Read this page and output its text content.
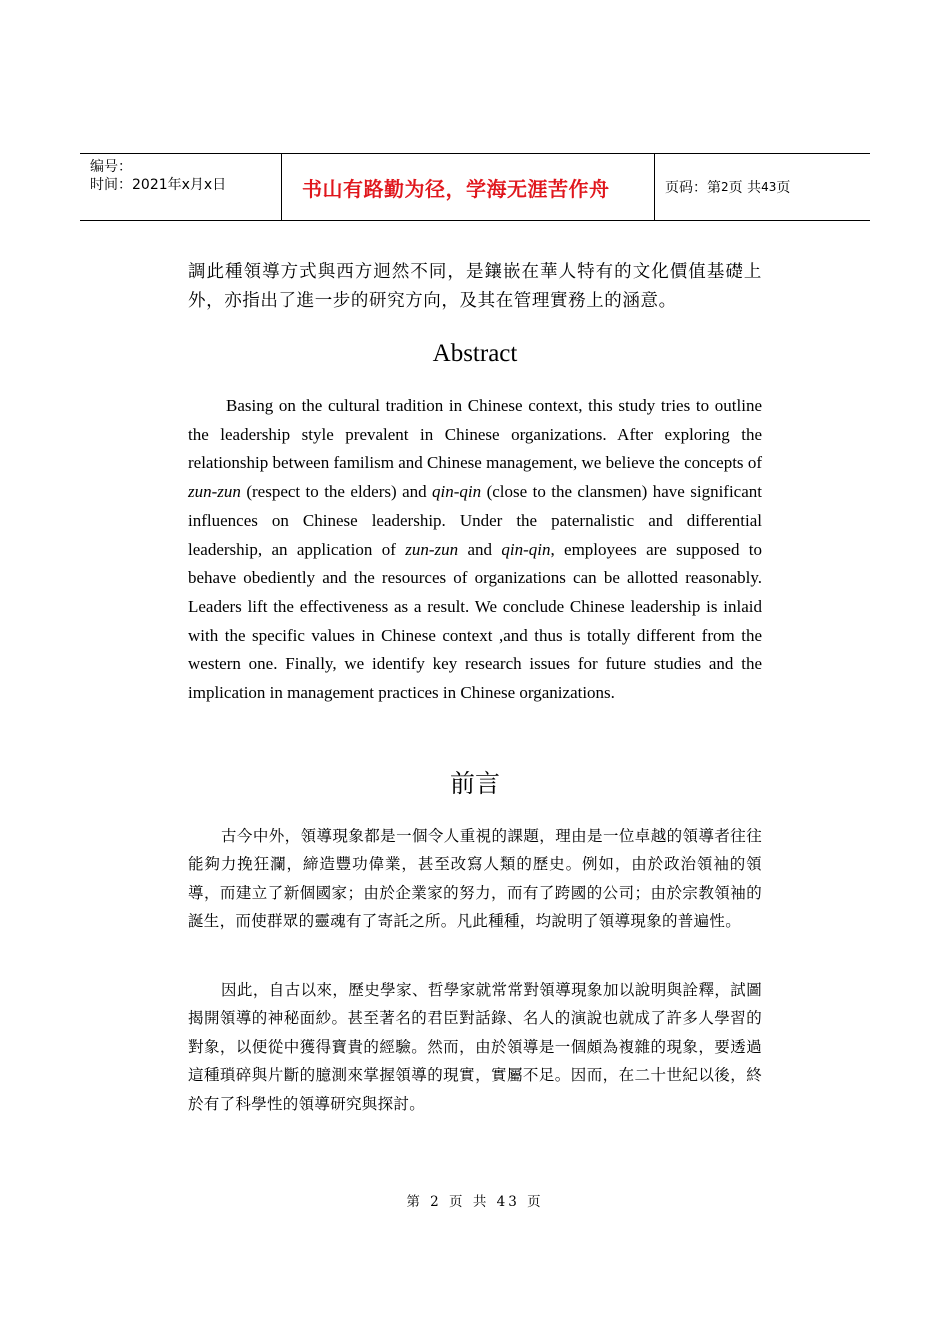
编号：
时间：2021年x月x日	书山有路勤为径，学海无涯苦作舟	页码：第 2 页 共 43 页
調此種領導方式與西方迥然不同，是鑲嵌在華人特有的文化價值基礎上外，亦指出了進一步的研究方向，及其在管理實務上的涵意。
Abstract

Basing on the cultural tradition in Chinese context, this study tries to outline the leadership style prevalent in Chinese organizations. After exploring the relationship between familism and Chinese management, we believe the concepts of zun-zun (respect to the elders) and qin-qin (close to the clansmen) have significant influences on Chinese leadership. Under the paternalistic and differential leadership, an application of zun-zun and qin-qin, employees are supposed to behave obediently and the resources of organizations can be allotted reasonably. Leaders lift the effectiveness as a result. We conclude Chinese leadership is inlaid with the specific values in Chinese context ,and thus is totally different from the western one. Finally, we identify key research issues for future studies and the implication in management practices in Chinese organizations.

前言

古今中外，領導現象都是一個令人重視的課題，理由是一位卓越的領導者往往能夠力挽狂瀾，締造豐功偉業，甚至改寫人類的歷史。例如，由於政治領袖的領導，而建立了新個國家；由於企業家的努力，而有了跨國的公司；由於宗教領袖的誕生，而使群眾的靈魂有了寄託之所。凡此種種，均說明了領導現象的普遍性。

因此，自古以來，歷史學家、哲學家就常常對領導現象加以說明與詮釋，試圖揭開領導的神秘面紗。甚至著名的君臣對話錄、名人的演說也就成了許多人學習的對象，以便從中獲得寶貴的經驗。然而，由於領導是一個頗為複雜的現象，要透過這種瑣碎與片斷的臆測來掌握領導的現實，實屬不足。因而，在二十世紀以後，終於有了科學性的領導研究與探討。

第 2 页 共 43 页
